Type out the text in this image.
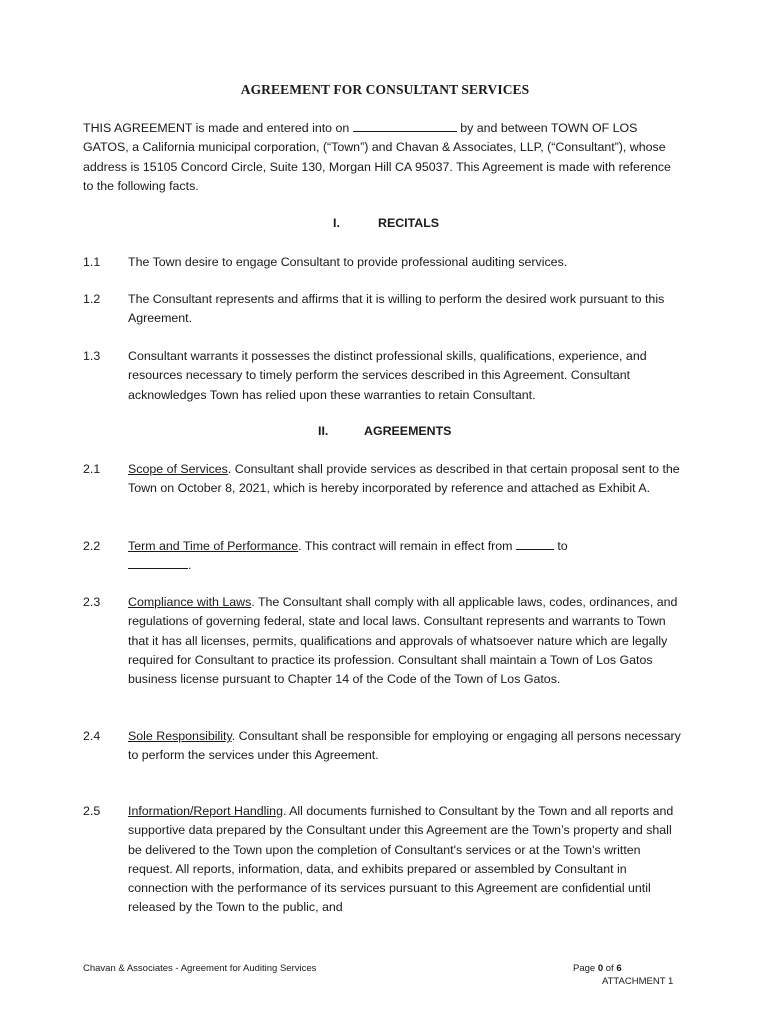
AGREEMENT FOR CONSULTANT SERVICES
THIS AGREEMENT is made and entered into on	by and between TOWN OF LOS GATOS, a California municipal corporation, (“Town”) and Chavan & Associates, LLP, (“Consultant”), whose address is 15105 Concord Circle, Suite 130, Morgan Hill CA 95037. This Agreement is made with reference to the following facts.
I.	RECITALS
1.1 The Town desire to engage Consultant to provide professional auditing services.
1.2 The Consultant represents and affirms that it is willing to perform the desired work pursuant to this Agreement.
1.3 Consultant warrants it possesses the distinct professional skills, qualifications, experience, and resources necessary to timely perform the services described in this Agreement. Consultant acknowledges Town has relied upon these warranties to retain Consultant.
II.	AGREEMENTS
2.1 Scope of Services. Consultant shall provide services as described in that certain proposal sent to the Town on October 8, 2021, which is hereby incorporated by reference and attached as Exhibit A.
2.2 Term and Time of Performance. This contract will remain in effect from	to
.
2.3 Compliance with Laws. The Consultant shall comply with all applicable laws, codes, ordinances, and regulations of governing federal, state and local laws. Consultant represents and warrants to Town that it has all licenses, permits, qualifications and approvals of whatsoever nature which are legally required for Consultant to practice its profession. Consultant shall maintain a Town of Los Gatos business license pursuant to Chapter 14 of the Code of the Town of Los Gatos.
2.4 Sole Responsibility. Consultant shall be responsible for employing or engaging all persons necessary to perform the services under this Agreement.
2.5 Information/Report Handling. All documents furnished to Consultant by the Town and all reports and supportive data prepared by the Consultant under this Agreement are the Town’s property and shall be delivered to the Town upon the completion of Consultant's services or at the Town's written request. All reports, information, data, and exhibits prepared or assembled by Consultant in connection with the performance of its services pursuant to this Agreement are confidential until released by the Town to the public, and
Chavan & Associates - Agreement for Auditing Services	Page 0 of 6
ATTACHMENT 1
